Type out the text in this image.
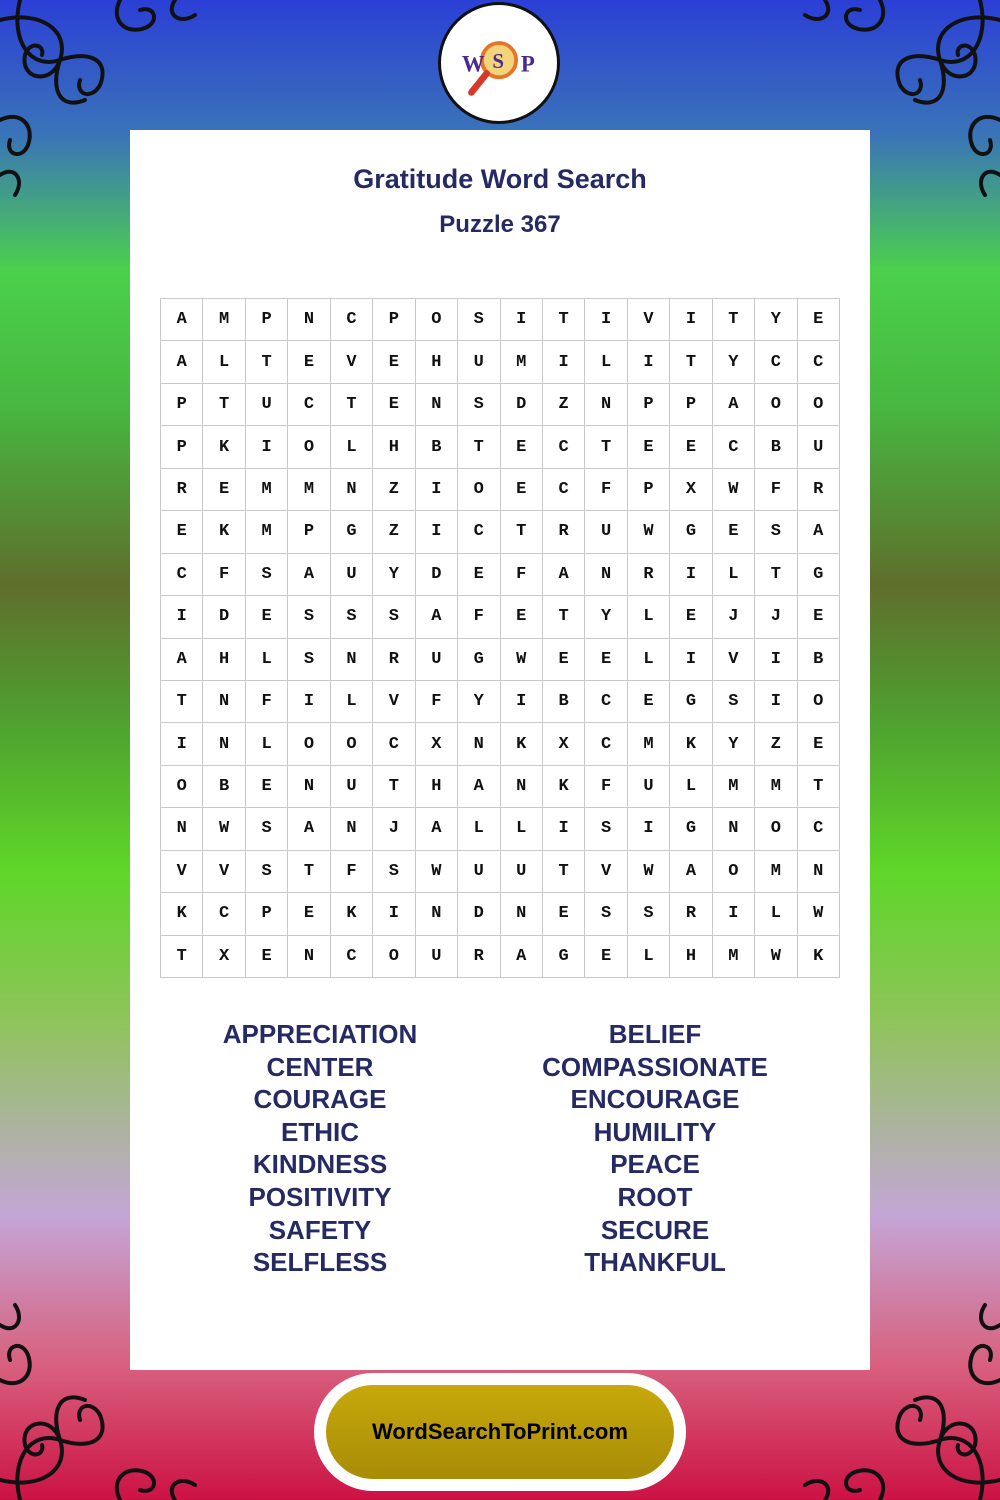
W S P
Gratitude Word Search
Puzzle 367
A	M	P	N	C	P	O	S	I	T	I	V	I	T	Y	E
A	L	T	E	V	E	H	U	M	I	L	I	T	Y	C	C
P	T	U	C	T	E	N	S	D	Z	N	P	P	A	O	O
P	K	I	O	L	H	B	T	E	C	T	E	E	C	B	U
R	E	M	M	N	Z	I	O	E	C	F	P	X	W	F	R
E	K	M	P	G	Z	I	C	T	R	U	W	G	E	S	A
C	F	S	A	U	Y	D	E	F	A	N	R	I	L	T	G
I	D	E	S	S	S	A	F	E	T	Y	L	E	J	J	E
A	H	L	S	N	R	U	G	W	E	E	L	I	V	I	B
T	N	F	I	L	V	F	Y	I	B	C	E	G	S	I	O
I	N	L	O	O	C	X	N	K	X	C	M	K	Y	Z	E
O	B	E	N	U	T	H	A	N	K	F	U	L	M	M	T
N	W	S	A	N	J	A	L	L	I	S	I	G	N	O	C
V	V	S	T	F	S	W	U	U	T	V	W	A	O	M	N
K	C	P	E	K	I	N	D	N	E	S	S	R	I	L	W
T	X	E	N	C	O	U	R	A	G	E	L	H	M	W	K
APPRECIATION	BELIEF
CENTER	COMPASSIONATE
COURAGE	ENCOURAGE
ETHIC	HUMILITY
KINDNESS	PEACE
POSITIVITY	ROOT
SAFETY	SECURE
SELFLESS	THANKFUL
WordSearchToPrint.com
